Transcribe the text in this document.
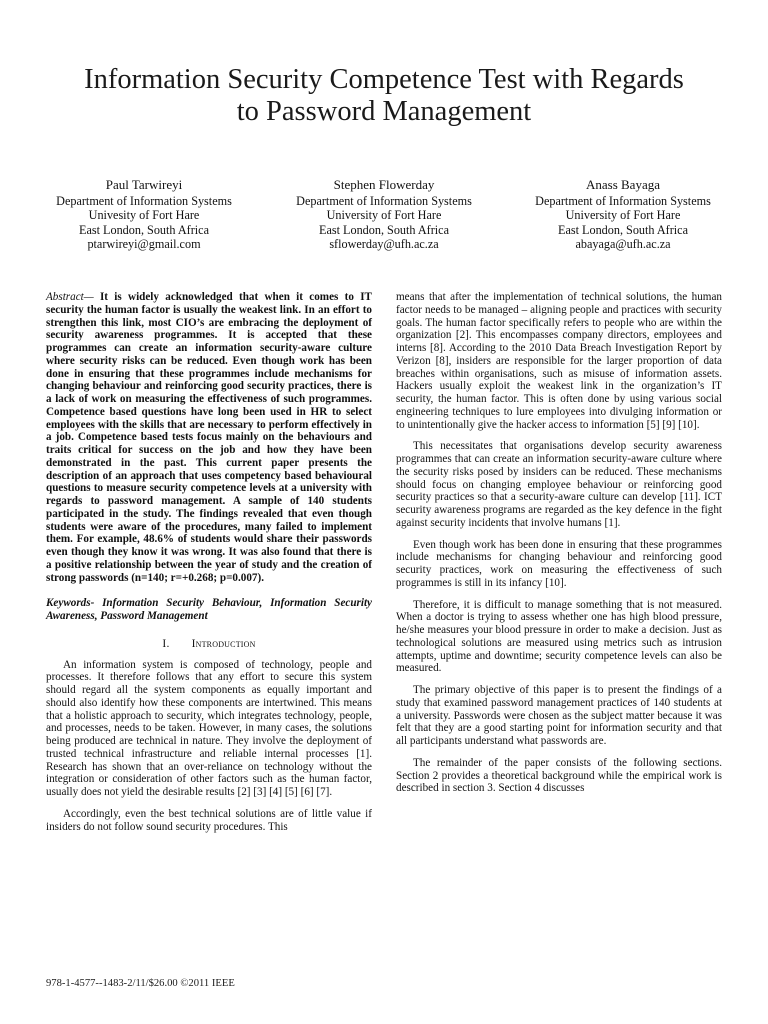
Information Security Competence Test with Regards
to Password Management
Paul Tarwireyi
Department of Information Systems
Univesity of Fort Hare
East London, South Africa
ptarwireyi@gmail.com
Stephen Flowerday
Department of Information Systems
University of Fort Hare
East London, South Africa
sflowerday@ufh.ac.za
Anass Bayaga
Department of Information Systems
University of Fort Hare
East London, South Africa
abayaga@ufh.ac.za

Abstract— It is widely acknowledged that when it comes to IT security the human factor is usually the weakest link. In an effort to strengthen this link, most CIO’s are embracing the deployment of security awareness programmes. It is accepted that these programmes can create an information security-aware culture where security risks can be reduced. Even though work has been done in ensuring that these programmes include mechanisms for changing behaviour and reinforcing good security practices, there is a lack of work on measuring the effectiveness of such programmes. Competence based questions have long been used in HR to select employees with the skills that are necessary to perform effectively in a job. Competence based tests focus mainly on the behaviours and traits critical for success on the job and how they have been demonstrated in the past. This current paper presents the description of an approach that uses competency based behavioural questions to measure security competence levels at a university with regards to password management. A sample of 140 students participated in the study. The findings revealed that even though students were aware of the procedures, many failed to implement them. For example, 48.6% of students would share their passwords even though they know it was wrong. It was also found that there is a positive relationship between the year of study and the creation of strong passwords (n=140; r=+0.268; p=0.007).

Keywords- Information Security Behaviour, Information Security Awareness, Password Management

I. Introduction

An information system is composed of technology, people and processes. It therefore follows that any effort to secure this system should regard all the system components as equally important and should also identify how these components are intertwined. This means that a holistic approach to security, which integrates technology, people, and processes, needs to be taken. However, in many cases, the solutions being produced are technical in nature. They involve the deployment of trusted technical infrastructure and reliable internal processes [1]. Research has shown that an over-reliance on technology without the integration or consideration of other factors such as the human factor, usually does not yield the desirable results [2] [3] [4] [5] [6] [7].

Accordingly, even the best technical solutions are of little value if insiders do not follow sound security procedures. This

means that after the implementation of technical solutions, the human factor needs to be managed – aligning people and practices with security goals. The human factor specifically refers to people who are within the organization [2]. This encompasses company directors, employees and interns [8]. According to the 2010 Data Breach Investigation Report by Verizon [8], insiders are responsible for the larger proportion of data breaches within organisations, such as misuse of information assets. Hackers usually exploit the weakest link in the organization’s IT security, the human factor. This is often done by using various social engineering techniques to lure employees into divulging information or to unintentionally give the hacker access to information [5] [9] [10].

This necessitates that organisations develop security awareness programmes that can create an information security-aware culture where the security risks posed by insiders can be reduced. These mechanisms should focus on changing employee behaviour or reinforcing good security practices so that a security-aware culture can develop [11]. ICT security awareness programs are regarded as the key defence in the fight against security incidents that involve humans [1].

Even though work has been done in ensuring that these programmes include mechanisms for changing behaviour and reinforcing good security practices, work on measuring the effectiveness of such programmes is still in its infancy [10].

Therefore, it is difficult to manage something that is not measured. When a doctor is trying to assess whether one has high blood pressure, he/she measures your blood pressure in order to make a decision. Just as technological solutions are measured using metrics such as intrusion attempts, uptime and downtime; security competence levels can also be measured.

The primary objective of this paper is to present the findings of a study that examined password management practices of 140 students at a university. Passwords were chosen as the subject matter because it was felt that they are a good starting point for information security and that all participants understand what passwords are.

The remainder of the paper consists of the following sections. Section 2 provides a theoretical background while the empirical work is described in section 3. Section 4 discusses

978-1-4577--1483-2/11/$26.00 ©2011 IEEE
